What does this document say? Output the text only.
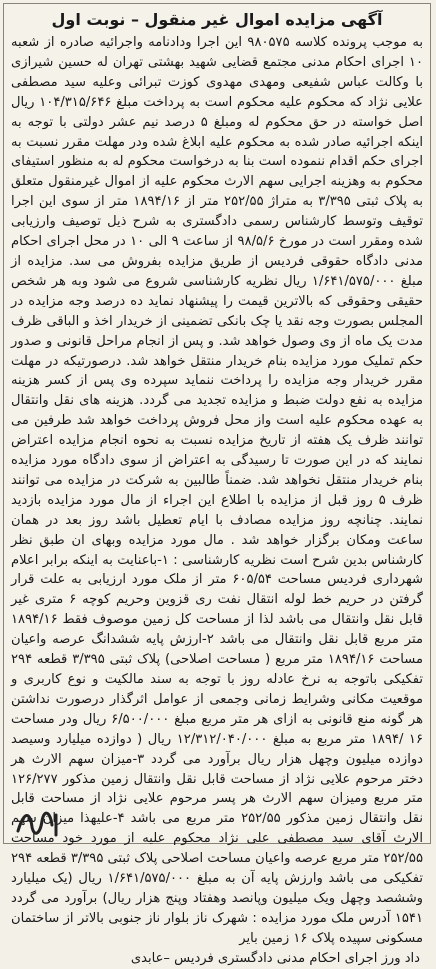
آگهی مزایده اموال غیر منقول – نوبت اول

به موجب پرونده کلاسه ۹۸۰۵۷۵ این اجرا ودادنامه واجرائیه صادره از شعبه ۱۰ اجرای احکام مدنی مجتمع قضایی شهید بهشتی تهران له حسین شیرازی با وکالت عباس شفیعی ومهدی مهدوی کوزت تبرائی وعلیه سید مصطفی علایی نژاد که محکوم علیه محکوم است به پرداخت مبلغ ۱۰۴/۳۱۵/۶۴۶ ریال اصل خواسته در حق محکوم له ومبلغ ۵ درصد نیم عشر دولتی با توجه به اینکه اجرائیه صادر شده به محکوم علیه ابلاغ شده ودر مهلت مقرر نسبت به اجرای حکم اقدام ننموده است بنا به درخواست محکوم له به منظور استیفای محکوم به وهزینه اجرایی سهم الارث محکوم علیه از اموال غیرمنقول متعلق به پلاک ثبتی ۳/۳۹۵ به متراژ ۲۵۲/۵۵ متر از ۱۸۹۴/۱۶ متر از سوی این اجرا توقیف وتوسط کارشناس رسمی دادگستری به شرح ذیل توصیف وارزیابی شده ومقرر است در مورخ ۹۸/۵/۶ از ساعت ۹ الی ۱۰ در محل اجرای احکام مدنی دادگاه حقوقی فردیس از طریق مزایده بفروش می سد. مزایده از مبلغ ۱/۶۴۱/۵۷۵/۰۰۰ ریال نظریه کارشناسی شروع می شود وبه هر شخص حقیقی وحقوقی که بالاترین قیمت را پیشنهاد نماید ده درصد وجه مزایده در المجلس بصورت وجه نقد یا چک بانکی تضمینی از خریدار اخذ و الباقی ظرف مدت یک ماه از وی وصول خواهد شد. و پس از انجام مراحل قانونی و صدور حکم تملیک مورد مزایده بنام خریدار منتقل خواهد شد. درصورتیکه در مهلت مقرر خریدار وجه مزایده را پرداخت ننماید سپرده وی پس از کسر هزینه مزایده به نفع دولت ضبط و مزایده تجدید می گردد. هزینه های نقل وانتقال به عهده محکوم علیه است واز محل فروش پرداخت خواهد شد طرفین می توانند ظرف یک هفته از تاریخ مزایده نسبت به نحوه انجام مزایده اعتراض نمایند که در این صورت تا رسیدگی به اعتراض از سوی دادگاه مورد مزایده بنام خریدار منتقل نخواهد شد. ضمناً طالبین به شرکت در مزایده می توانند ظرف ۵ روز قبل از مزایده با اطلاع این اجراء از مال مورد مزایده بازدید نمایند. چنانچه روز مزایده مصادف با ایام تعطیل باشد روز بعد در همان ساعت ومکان برگزار خواهد شد . مال مورد مزایده وبهای ان طبق نظر کارشناس بدین شرح است نظریه کارشناسی : ۱-باعنایت به اینکه برابر اعلام شهرداری فردیس مساحت ۶۰۵/۵۴ متر از ملک مورد ارزیابی به علت قرار گرفتن در حریم خط لوله انتقال نفت ری قزوین وحریم کوچه ۶ متری غیر قابل نقل وانتقال می باشد لذا از مساحت کل زمین موصوف فقط ۱۸۹۴/۱۶ متر مربع قابل نقل وانتقال می باشد ۲-ارزش پایه ششدانگ عرصه واعیان مساحت ۱۸۹۴/۱۶ متر مربع ( مساحت اصلاحی) پلاک ثبتی ۳/۳۹۵ قطعه ۲۹۴ تفکیکی باتوجه به نرخ عادله روز با توجه به سند مالکیت و نوع کاربری و موقعیت مکانی وشرایط زمانی وجمعی از عوامل اثرگذار درصورت نداشتن هر گونه منع قانونی به ازای هر متر مربع مبلغ ۶/۵۰۰/۰۰۰ ریال ودر مساحت ۱۶ /۱۸۹۴ متر مربع به مبلغ ۱۲/۳۱۲/۰۴۰/۰۰۰ ریال ( دوازده میلیارد وسیصد دوازده میلیون وچهل هزار ریال برآورد می گردد ۳-میزان سهم الارث هر دختر مرحوم علایی نژاد از مساحت قابل نقل وانتقال زمین مذکور ۱۲۶/۲۷۷ متر مربع ومیزان سهم الارث هر پسر مرحوم علایی نژاد از مساحت قابل نقل وانتقال زمین مذکور ۲۵۲/۵۵ متر مربع می باشد ۴-علیهذا میزان سهم الارث آقای سید مصطفی علی نژاد محکوم علیه از مورد خود مساحت ۲۵۲/۵۵ متر مربع عرصه واعیان مساحت اصلاحی پلاک ثبتی ۳/۳۹۵ قطعه ۲۹۴ تفکیکی می باشد وارزش پایه آن به مبلغ ۱/۶۴۱/۵۷۵/۰۰۰ ریال (یک میلیارد وششصد وچهل ویک میلیون وپانصد وهفتاد وپنج هزار ریال) برآورد می گردد ۱۵۴۱ آدرس ملک مورد مزایده : شهرک ناز بلوار ناز جنوبی بالاتر از ساختمان مسکونی سپیده پلاک ۱۶ زمین بایر

داد ورز اجرای احکام مدنی دادگستری فردیس –عابدی
